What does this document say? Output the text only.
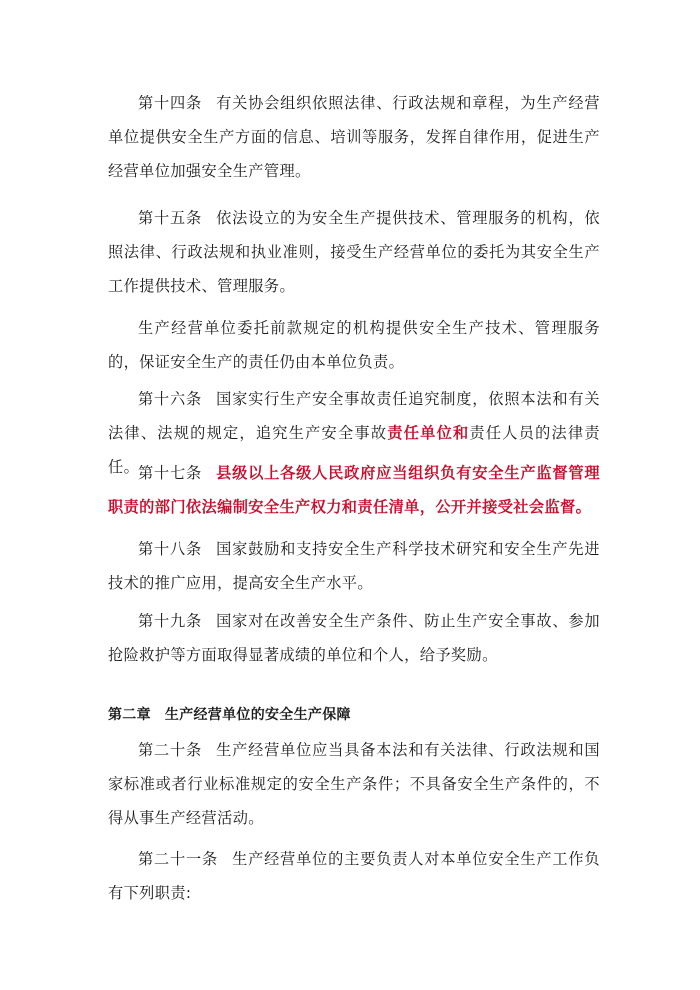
第十四条 有关协会组织依照法律、行政法规和章程，为生产经营单位提供安全生产方面的信息、培训等服务，发挥自律作用，促进生产经营单位加强安全生产管理。

第十五条 依法设立的为安全生产提供技术、管理服务的机构，依照法律、行政法规和执业准则，接受生产经营单位的委托为其安全生产工作提供技术、管理服务。

生产经营单位委托前款规定的机构提供安全生产技术、管理服务的，保证安全生产的责任仍由本单位负责。

第十六条 国家实行生产安全事故责任追究制度，依照本法和有关法律、法规的规定，追究生产安全事故责任单位和责任人员的法律责任。

第十七条 县级以上各级人民政府应当组织负有安全生产监督管理职责的部门依法编制安全生产权力和责任清单，公开并接受社会监督。

第十八条 国家鼓励和支持安全生产科学技术研究和安全生产先进技术的推广应用，提高安全生产水平。

第十九条 国家对在改善安全生产条件、防止生产安全事故、参加抢险救护等方面取得显著成绩的单位和个人，给予奖励。

第二章 生产经营单位的安全生产保障

第二十条 生产经营单位应当具备本法和有关法律、行政法规和国家标准或者行业标准规定的安全生产条件；不具备安全生产条件的，不得从事生产经营活动。

第二十一条 生产经营单位的主要负责人对本单位安全生产工作负有下列职责:
